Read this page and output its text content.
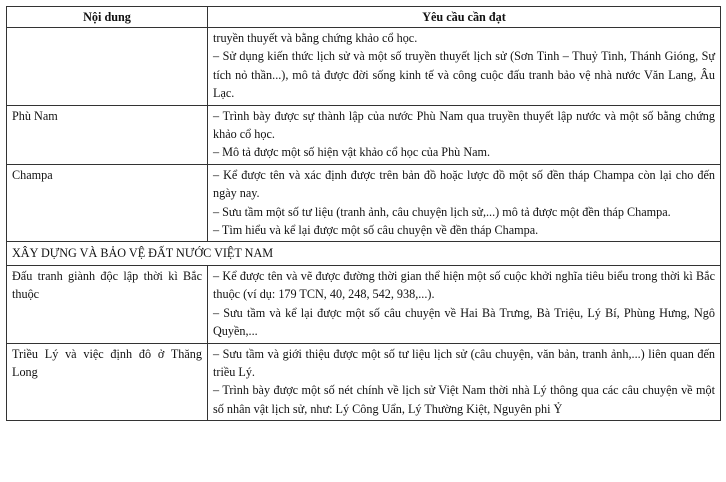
Nội dung	Yêu cầu cần đạt

	truyền thuyết và bằng chứng khảo cổ học.

– Sử dụng kiến thức lịch sử và một số truyền thuyết lịch sử (Sơn Tinh – Thuỷ Tinh, Thánh Gióng, Sự tích nỏ thần...), mô tả được đời sống kinh tế và công cuộc đấu tranh bảo vệ nhà nước Văn Lang, Âu Lạc.

Phù Nam	– Trình bày được sự thành lập của nước Phù Nam qua truyền thuyết lập nước và một số bằng chứng khảo cổ học.

– Mô tả được một số hiện vật khảo cổ học của Phù Nam.

Champa	– Kể được tên và xác định được trên bản đồ hoặc lược đồ một số đền tháp Champa còn lại cho đến ngày nay.

– Sưu tầm một số tư liệu (tranh ảnh, câu chuyện lịch sử,...) mô tả được một đền tháp Champa.

– Tìm hiểu và kể lại được một số câu chuyện về đền tháp Champa.

XÂY DỰNG VÀ BẢO VỆ ĐẤT NƯỚC VIỆT NAM	

Đấu tranh giành độc lập thời kì Bắc thuộc	– Kể được tên và vẽ được đường thời gian thể hiện một số cuộc khởi nghĩa tiêu biểu trong thời kì Bắc thuộc (ví dụ: 179 TCN, 40, 248, 542, 938,...).

– Sưu tầm và kể lại được một số câu chuyện về Hai Bà Trưng, Bà Triệu, Lý Bí, Phùng Hưng, Ngô Quyền,...

Triều Lý và việc định đô ở Thăng Long	– Sưu tầm và giới thiệu được một số tư liệu lịch sử (câu chuyện, văn bản, tranh ảnh,...) liên quan đến triều Lý.

– Trình bày được một số nét chính về lịch sử Việt Nam thời nhà Lý thông qua các câu chuyện về một số nhân vật lịch sử, như: Lý Công Uẩn, Lý Thường Kiệt, Nguyên phi Ỷ
